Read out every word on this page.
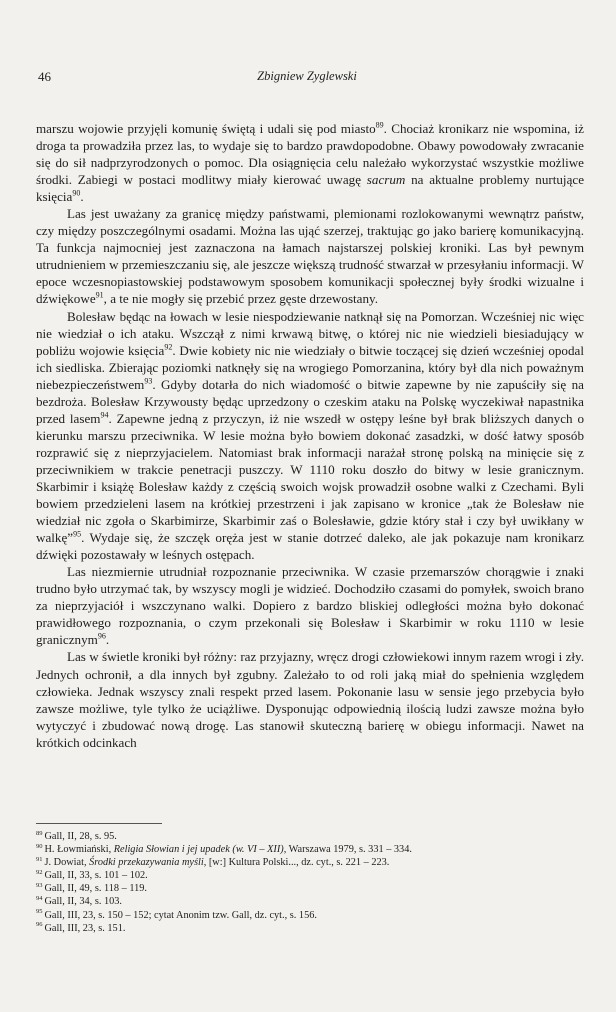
46	Zbigniew Zyglewski

marszu wojowie przyjęli komunię świętą i udali się pod miasto$^{89}$. Chociaż kronikarz nie wspomina, iż droga ta prowadziła przez las, to wydaje się to bardzo prawdopodobne. Obawy powodowały zwracanie się do sił nadprzyrodzonych o pomoc. Dla osiągnięcia celu należało wykorzystać wszystkie możliwe środki. Zabiegi w postaci modlitwy miały kierować uwagę sacrum na aktualne problemy nurtujące księcia$^{90}$.

Las jest uważany za granicę między państwami, plemionami rozlokowanymi wewnątrz państw, czy między poszczególnymi osadami. Można las ująć szerzej, traktując go jako barierę komunikacyjną. Ta funkcja najmocniej jest zaznaczona na łamach najstarszej polskiej kroniki. Las był pewnym utrudnieniem w przemieszczaniu się, ale jeszcze większą trudność stwarzał w przesyłaniu informacji. W epoce wczesnopiastowskiej podstawowym sposobem komunikacji społecznej były środki wizualne i dźwiękowe$^{91}$, a te nie mogły się przebić przez gęste drzewostany.

Bolesław będąc na łowach w lesie niespodziewanie natknął się na Pomorzan. Wcześniej nic więc nie wiedział o ich ataku. Wszczął z nimi krwawą bitwę, o której nic nie wiedzieli biesiadujący w pobliżu wojowie księcia$^{92}$. Dwie kobiety nic nie wiedziały o bitwie toczącej się dzień wcześniej opodal ich siedliska. Zbierając poziomki natknęły się na wrogiego Pomorzanina, który był dla nich poważnym niebezpieczeństwem$^{93}$. Gdyby dotarła do nich wiadomość o bitwie zapewne by nie zapuściły się na bezdroża. Bolesław Krzywousty będąc uprzedzony o czeskim ataku na Polskę wyczekiwał napastnika przed lasem$^{94}$. Zapewne jedną z przyczyn, iż nie wszedł w ostępy leśne był brak bliższych danych o kierunku marszu przeciwnika. W lesie można było bowiem dokonać zasadzki, w dość łatwy sposób rozprawić się z nieprzyjacielem. Natomiast brak informacji narażał stronę polską na minięcie się z przeciwnikiem w trakcie penetracji puszczy. W 1110 roku doszło do bitwy w lesie granicznym. Skarbimir i książę Bolesław każdy z częścią swoich wojsk prowadził osobne walki z Czechami. Byli bowiem przedzieleni lasem na krótkiej przestrzeni i jak zapisano w kronice „tak że Bolesław nie wiedział nic zgoła o Skarbimirze, Skarbimir zaś o Bolesławie, gdzie który stał i czy był uwikłany w walkę”$^{95}$. Wydaje się, że szczęk oręża jest w stanie dotrzeć daleko, ale jak pokazuje nam kronikarz dźwięki pozostawały w leśnych ostępach.

Las niezmiernie utrudniał rozpoznanie przeciwnika. W czasie przemarszów chorągwie i znaki trudno było utrzymać tak, by wszyscy mogli je widzieć. Dochodziło czasami do pomyłek, swoich brano za nieprzyjaciół i wszczynano walki. Dopiero z bardzo bliskiej odległości można było dokonać prawidłowego rozpoznania, o czym przekonali się Bolesław i Skarbimir w roku 1110 w lesie granicznym$^{96}$.

Las w świetle kroniki był różny: raz przyjazny, wręcz drogi człowiekowi innym razem wrogi i zły. Jednych ochronił, a dla innych był zgubny. Zależało to od roli jaką miał do spełnienia względem człowieka. Jednak wszyscy znali respekt przed lasem. Pokonanie lasu w sensie jego przebycia było zawsze możliwe, tyle tylko że uciążliwe. Dysponując odpowiednią ilością ludzi zawsze można było wytyczyć i zbudować nową drogę. Las stanowił skuteczną barierę w obiegu informacji. Nawet na krótkich odcinkach

$^{89}$ Gall, II, 28, s. 95.
$^{90}$ H. Łowmiański, Religia Słowian i jej upadek (w. VI – XII), Warszawa 1979, s. 331 – 334.
$^{91}$ J. Dowiat, Środki przekazywania myśli, [w:] Kultura Polski..., dz. cyt., s. 221 – 223.
$^{92}$ Gall, II, 33, s. 101 – 102.
$^{93}$ Gall, II, 49, s. 118 – 119.
$^{94}$ Gall, II, 34, s. 103.
$^{95}$ Gall, III, 23, s. 150 – 152; cytat Anonim tzw. Gall, dz. cyt., s. 156.
$^{96}$ Gall, III, 23, s. 151.
